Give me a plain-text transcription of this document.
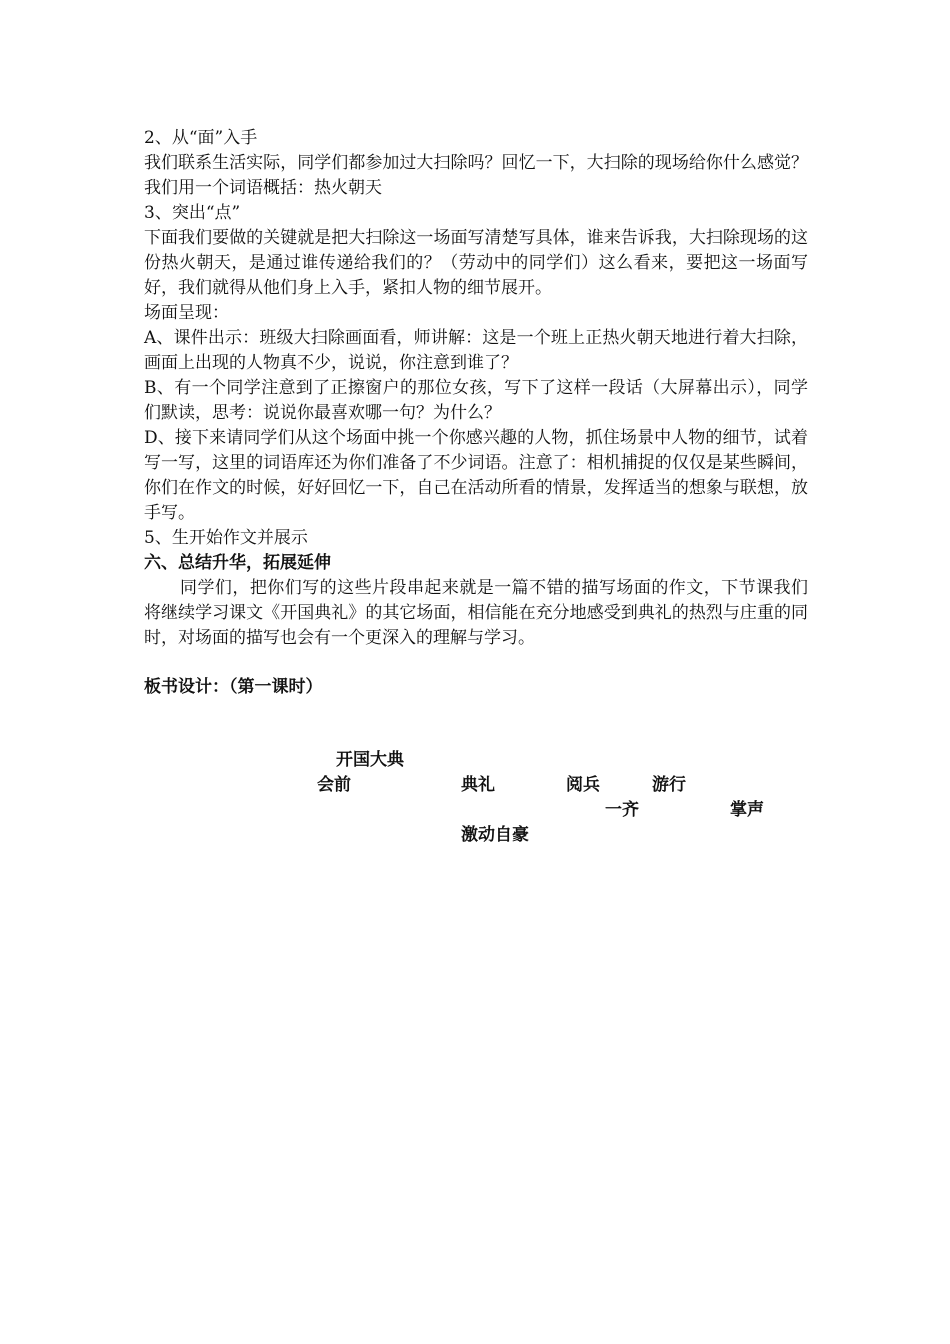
2、从“面”入手

我们联系生活实际，同学们都参加过大扫除吗？回忆一下，大扫除的现场给你什么感觉？我们用一个词语概括：热火朝天

3、突出“点”

下面我们要做的关键就是把大扫除这一场面写清楚写具体，谁来告诉我，大扫除现场的这份热火朝天，是通过谁传递给我们的？（劳动中的同学们）这么看来，要把这一场面写好，我们就得从他们身上入手，紧扣人物的细节展开。

场面呈现：

A、课件出示：班级大扫除画面看，师讲解：这是一个班上正热火朝天地进行着大扫除，画面上出现的人物真不少，说说，你注意到谁了？

B、有一个同学注意到了正擦窗户的那位女孩，写下了这样一段话（大屏幕出示），同学们默读，思考：说说你最喜欢哪一句？为什么？

D、接下来请同学们从这个场面中挑一个你感兴趣的人物，抓住场景中人物的细节，试着写一写，这里的词语库还为你们准备了不少词语。注意了：相机捕捉的仅仅是某些瞬间，你们在作文的时候，好好回忆一下，自己在活动所看的情景，发挥适当的想象与联想，放手写。

5、生开始作文并展示

六、总结升华，拓展延伸

同学们，把你们写的这些片段串起来就是一篇不错的描写场面的作文，下节课我们将继续学习课文《开国典礼》的其它场面，相信能在充分地感受到典礼的热烈与庄重的同时，对场面的描写也会有一个更深入的理解与学习。

板书设计：（第一课时）
开国大典
会前	典礼	阅兵	游行
一齐	掌声
激动自豪
